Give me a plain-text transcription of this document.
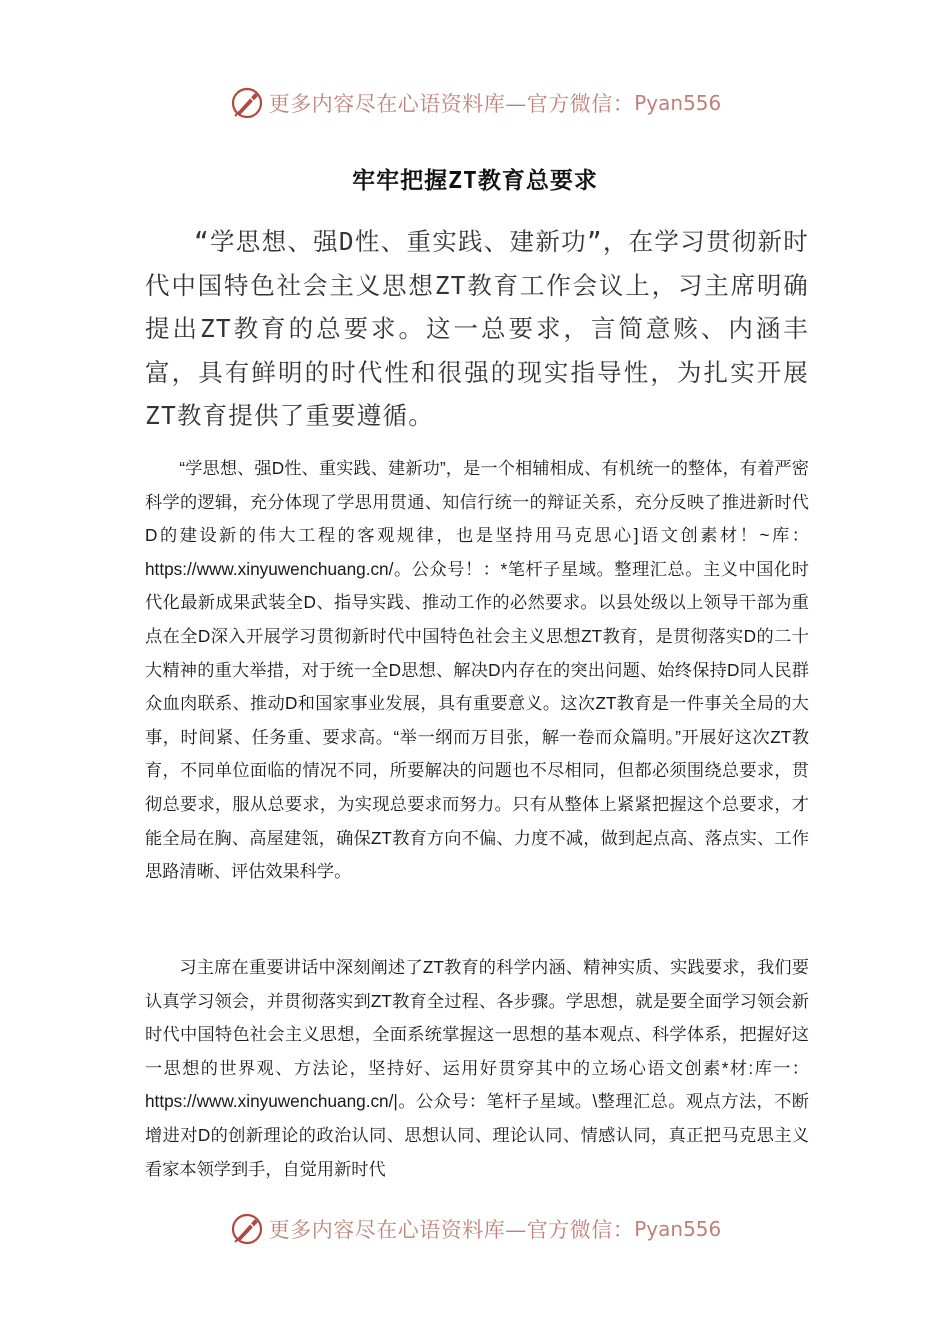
更多内容尽在心语资料库—官方微信： Pyan556
牢牢把握ZT教育总要求

“学思想、强D性、重实践、建新功”，在学习贯彻新时代中国特色社会主义思想ZT教育工作会议上，习主席明确提出ZT教育的总要求。这一总要求，言简意赅、内涵丰富，具有鲜明的时代性和很强的现实指导性，为扎实开展ZT教育提供了重要遵循。

“学思想、强D性、重实践、建新功”，是一个相辅相成、有机统一的整体，有着严密科学的逻辑，充分体现了学思用贯通、知信行统一的辩证关系，充分反映了推进新时代D的建设新的伟大工程的客观规律，也是坚持用马克思心]语文创素材！~库：https://www.xinyuwenchuang.cn/。公众号！：*笔杆子星域。整理汇总。主义中国化时代化最新成果武装全D、指导实践、推动工作的必然要求。以县处级以上领导干部为重点在全D深入开展学习贯彻新时代中国特色社会主义思想ZT教育，是贯彻落实D的二十大精神的重大举措，对于统一全D思想、解决D内存在的突出问题、始终保持D同人民群众血肉联系、推动D和国家事业发展，具有重要意义。这次ZT教育是一件事关全局的大事，时间紧、任务重、要求高。“举一纲而万目张，解一卷而众篇明。”开展好这次ZT教育，不同单位面临的情况不同，所要解决的问题也不尽相同，但都必须围绕总要求，贯彻总要求，服从总要求，为实现总要求而努力。只有从整体上紧紧把握这个总要求，才能全局在胸、高屋建瓴，确保ZT教育方向不偏、力度不减，做到起点高、落点实、工作思路清晰、评估效果科学。

习主席在重要讲话中深刻阐述了ZT教育的科学内涵、精神实质、实践要求，我们要认真学习领会，并贯彻落实到ZT教育全过程、各步骤。学思想，就是要全面学习领会新时代中国特色社会主义思想，全面系统掌握这一思想的基本观点、科学体系，把握好这一思想的世界观、方法论，坚持好、运用好贯穿其中的立场心语文创素*材:库一：https://www.xinyuwenchuang.cn/|。公众号：笔杆子星域。\整理汇总。观点方法，不断增进对D的创新理论的政治认同、思想认同、理论认同、情感认同，真正把马克思主义看家本领学到手，自觉用新时代

更多内容尽在心语资料库—官方微信： Pyan556
